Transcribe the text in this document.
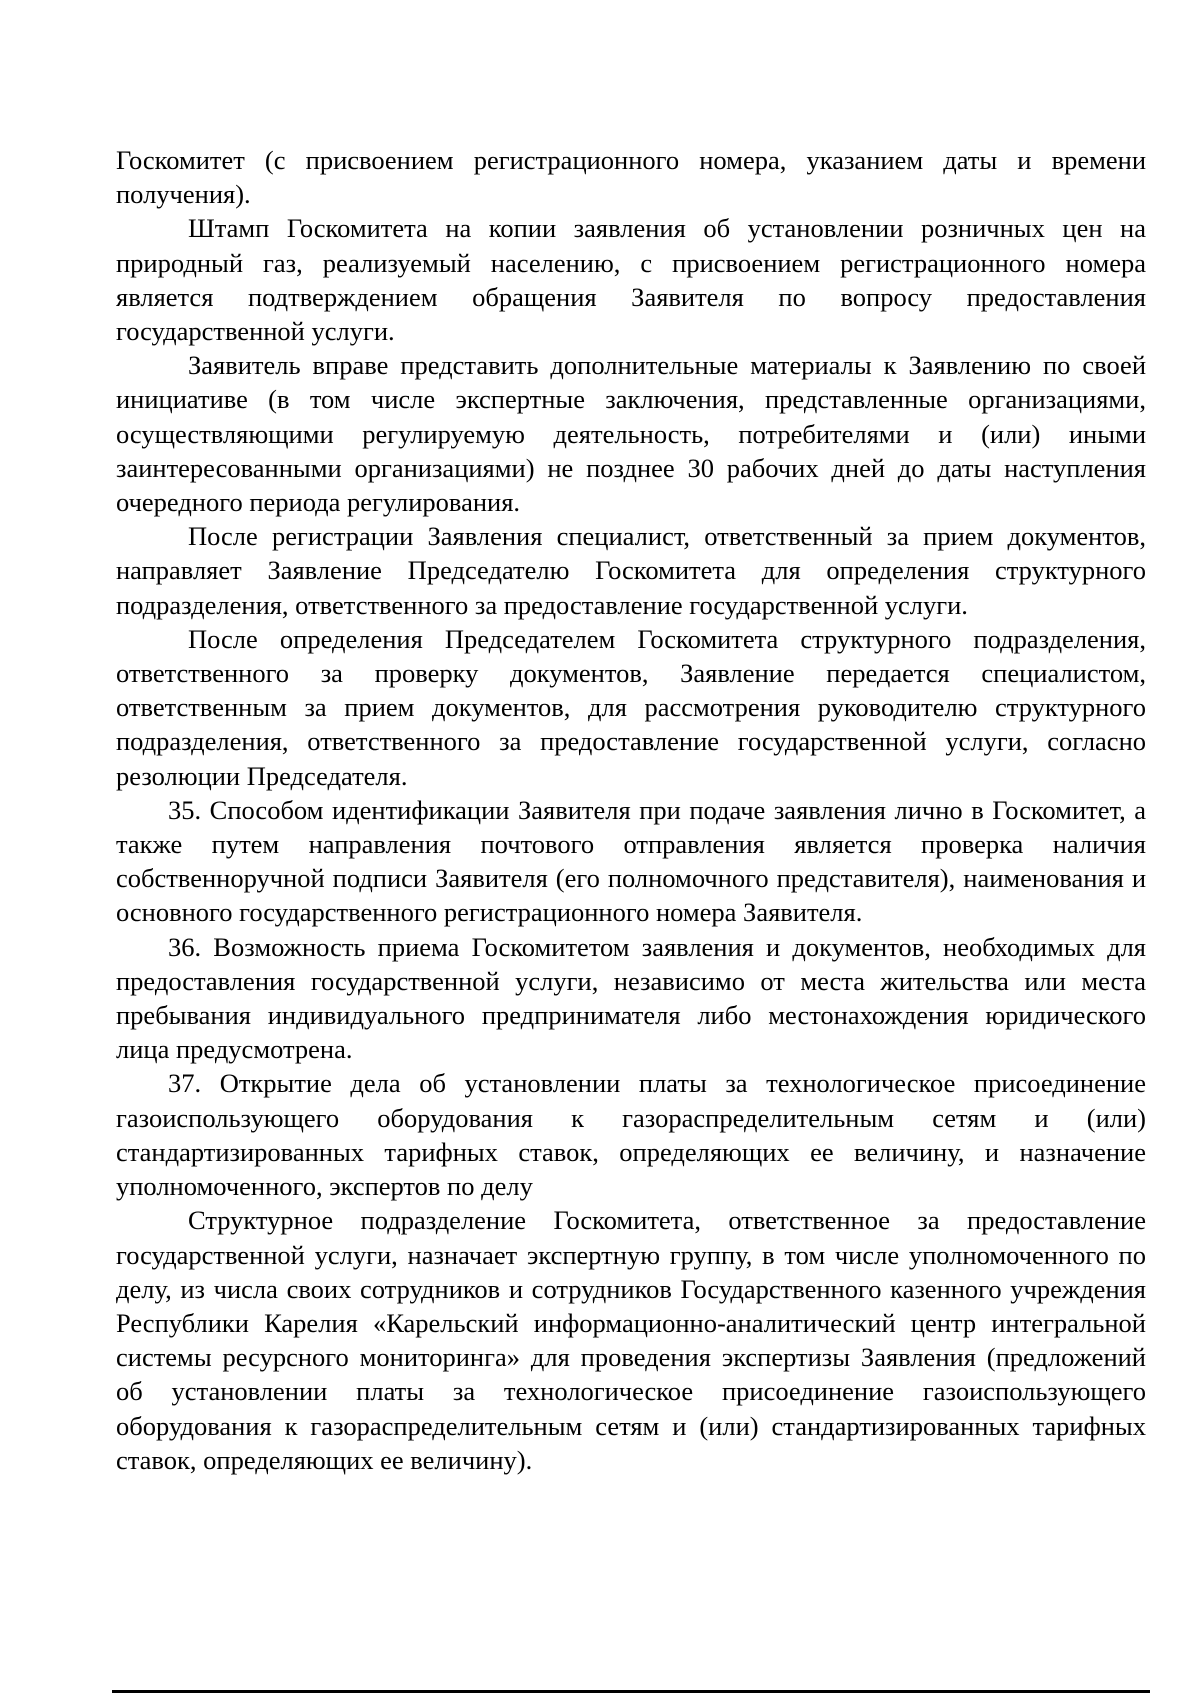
Госкомитет (с присвоением регистрационного номера, указанием даты и времени получения).

Штамп Госкомитета на копии заявления об установлении розничных цен на природный газ, реализуемый населению, с присвоением регистрационного номера является подтверждением обращения Заявителя по вопросу предоставления государственной услуги.

Заявитель вправе представить дополнительные материалы к Заявлению по своей инициативе (в том числе экспертные заключения, представленные организациями, осуществляющими регулируемую деятельность, потребителями и (или) иными заинтересованными организациями) не позднее 30 рабочих дней до даты наступления очередного периода регулирования.

После регистрации Заявления специалист, ответственный за прием документов, направляет Заявление Председателю Госкомитета для определения структурного подразделения, ответственного за предоставление государственной услуги.

После определения Председателем Госкомитета структурного подразделения, ответственного за проверку документов, Заявление передается специалистом, ответственным за прием документов, для рассмотрения руководителю структурного подразделения, ответственного за предоставление государственной услуги, согласно резолюции Председателя.

35. Способом идентификации Заявителя при подаче заявления лично в Госкомитет, а также путем направления почтового отправления является проверка наличия собственноручной подписи Заявителя (его полномочного представителя), наименования и основного государственного регистрационного номера Заявителя.

36. Возможность приема Госкомитетом заявления и документов, необходимых для предоставления государственной услуги, независимо от места жительства или места пребывания индивидуального предпринимателя либо местонахождения юридического лица предусмотрена.

37. Открытие дела об установлении платы за технологическое присоединение газоиспользующего оборудования к газораспределительным сетям и (или) стандартизированных тарифных ставок, определяющих ее величину, и назначение уполномоченного, экспертов по делу

Структурное подразделение Госкомитета, ответственное за предоставление государственной услуги, назначает экспертную группу, в том числе уполномоченного по делу, из числа своих сотрудников и сотрудников Государственного казенного учреждения Республики Карелия «Карельский информационно-аналитический центр интегральной системы ресурсного мониторинга» для проведения экспертизы Заявления (предложений об установлении платы за технологическое присоединение газоиспользующего оборудования к газораспределительным сетям и (или) стандартизированных тарифных ставок, определяющих ее величину).
